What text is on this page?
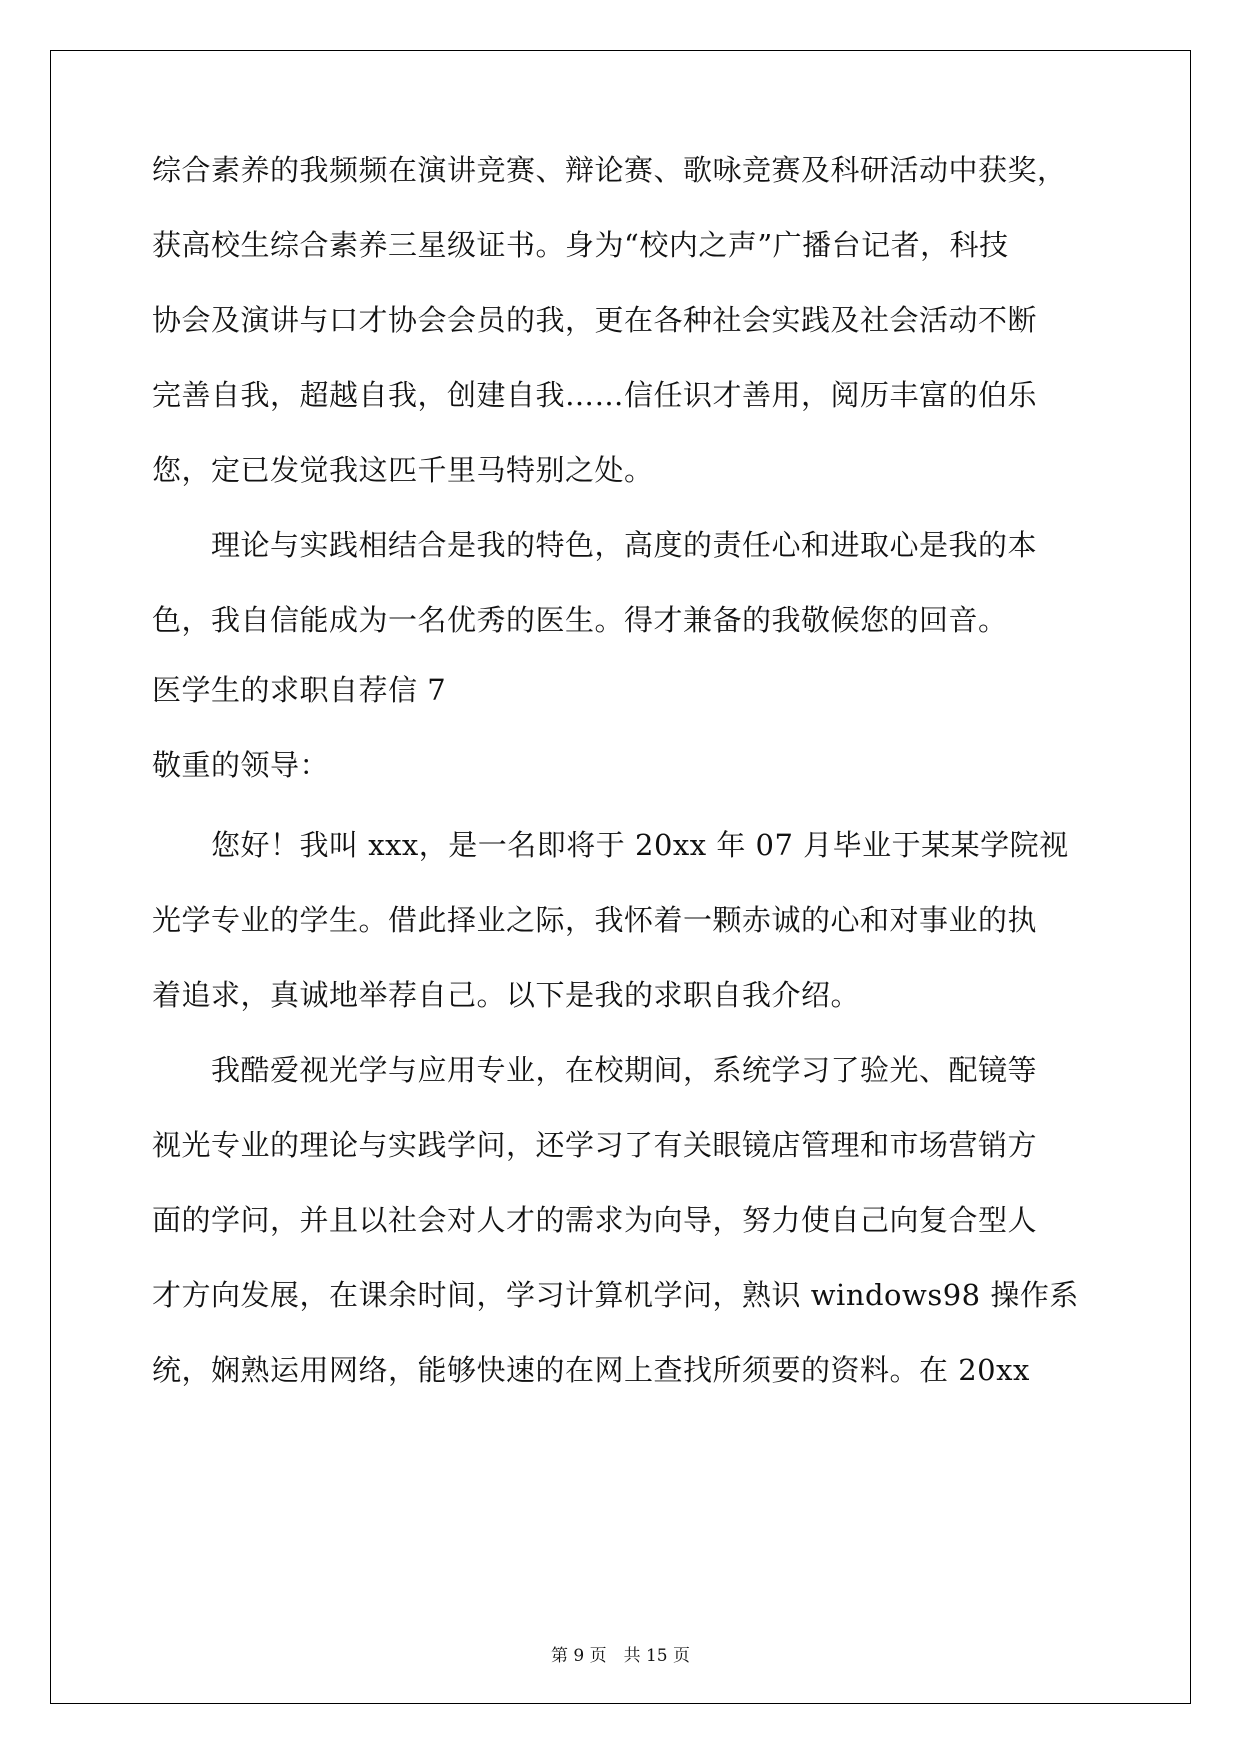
综合素养的我频频在演讲竞赛、辩论赛、歌咏竞赛及科研活动中获奖，

获高校生综合素养三星级证书。身为“校内之声”广播台记者，科技

协会及演讲与口才协会会员的我，更在各种社会实践及社会活动不断

完善自我，超越自我，创建自我……信任识才善用，阅历丰富的伯乐

您，定已发觉我这匹千里马特别之处。

　　理论与实践相结合是我的特色，高度的责任心和进取心是我的本

色，我自信能成为一名优秀的医生。得才兼备的我敬候您的回音。

医学生的求职自荐信 7

敬重的领导：

　　您好！我叫 xxx，是一名即将于 20xx 年 07 月毕业于某某学院视

光学专业的学生。借此择业之际，我怀着一颗赤诚的心和对事业的执

着追求，真诚地举荐自己。以下是我的求职自我介绍。

　　我酷爱视光学与应用专业，在校期间，系统学习了验光、配镜等

视光专业的理论与实践学问，还学习了有关眼镜店管理和市场营销方

面的学问，并且以社会对人才的需求为向导，努力使自己向复合型人

才方向发展，在课余时间，学习计算机学问，熟识 windows98 操作系

统，娴熟运用网络，能够快速的在网上查找所须要的资料。在 20xx

第 9 页　共 15 页
